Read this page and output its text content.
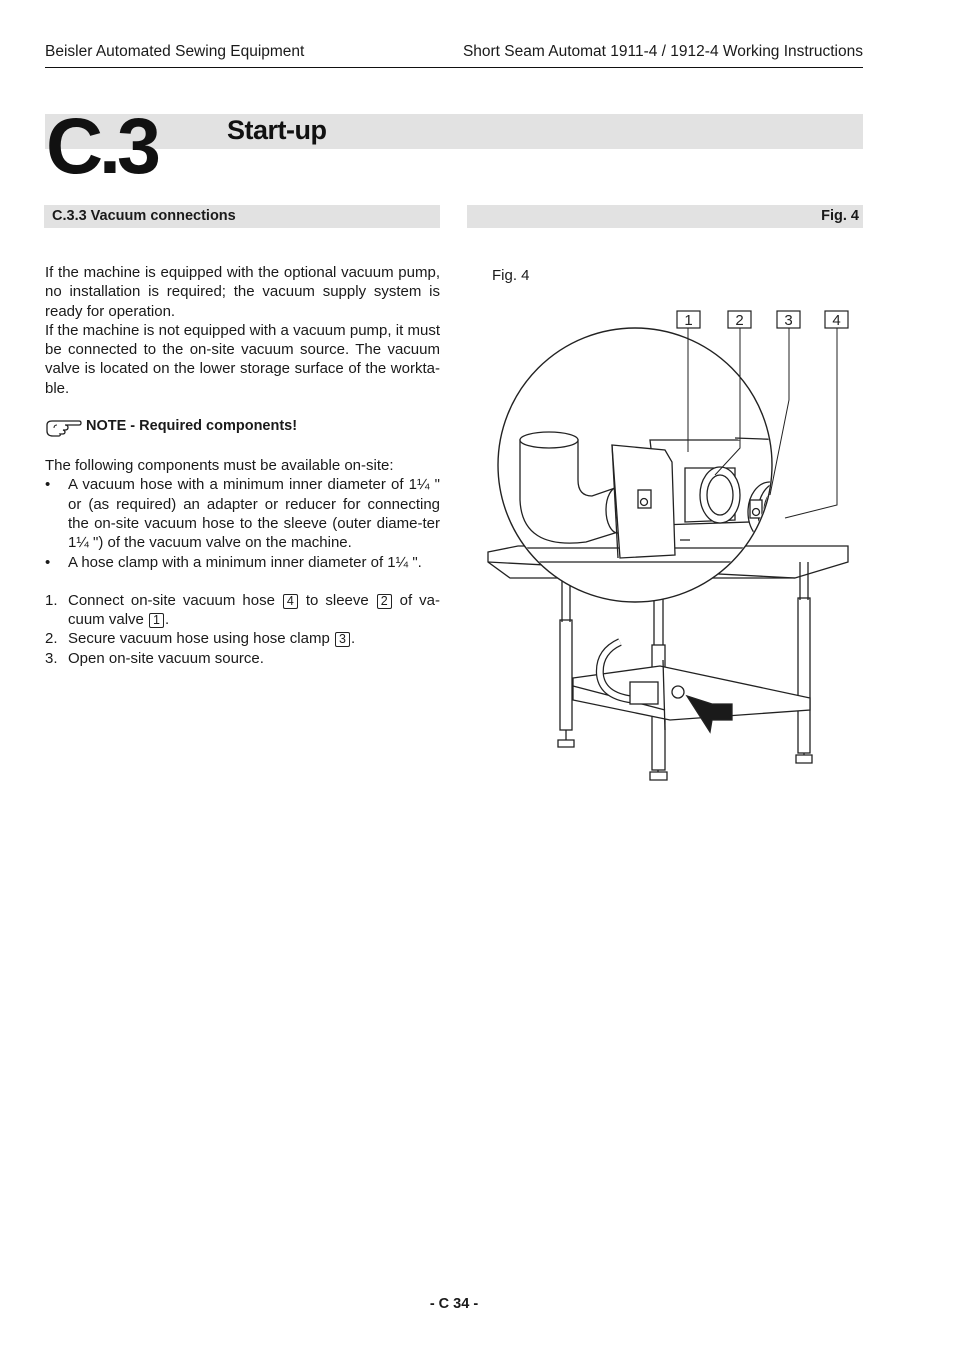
Beisler Automated Sewing Equipment	Short Seam Automat 1911-4 / 1912-4 Working Instructions
C.3	Start-up
C.3.3 Vacuum connections	Fig. 4

If the machine is equipped with the optional vacuum pump, no installation is required; the vacuum supply system is ready for operation.

If the machine is not equipped with a vacuum pump, it must be connected to the on-site vacuum source. The vacuum valve is located on the lower storage surface of the workta-ble.

NOTE - Required components!

The following components must be available on-site:

• A vacuum hose with a minimum inner diameter of 1¼ " or (as required) an adapter or reducer for connecting the on-site vacuum hose to the sleeve (outer diame-ter 1¼ ") of the vacuum valve on the machine.
• A hose clamp with a minimum inner diameter of 1¼ ".
1. Connect on-site vacuum hose 4 to sleeve 2 of va-cuum valve 1 .
2. Secure vacuum hose using hose clamp 3 .
3. Open on-site vacuum source.
Fig. 4
1	2	3	4
- C 34 -
